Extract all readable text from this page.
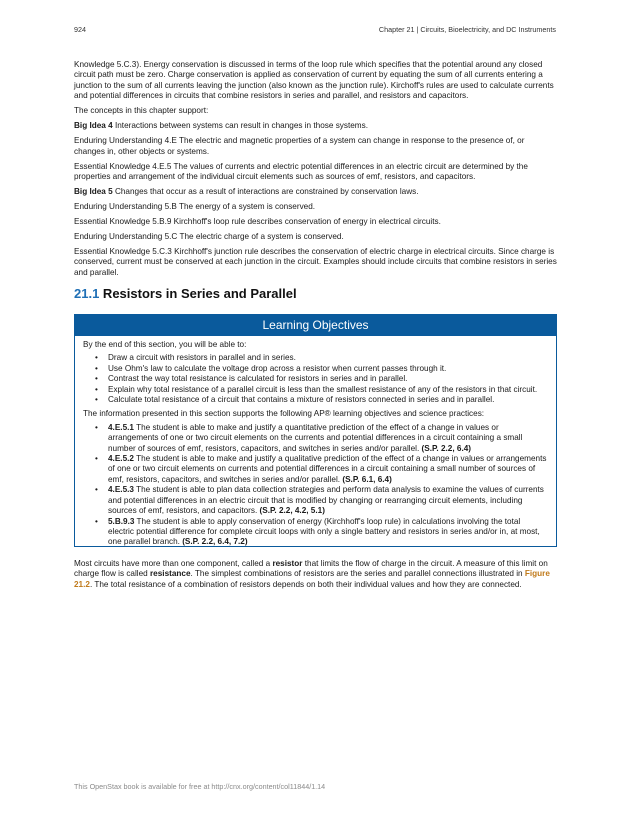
924	Chapter 21 | Circuits, Bioelectricity, and DC Instruments

Knowledge 5.C.3). Energy conservation is discussed in terms of the loop rule which specifies that the potential around any closed circuit path must be zero. Charge conservation is applied as conservation of current by equating the sum of all currents entering a junction to the sum of all currents leaving the junction (also known as the junction rule). Kirchoff's rules are used to calculate currents and potential differences in circuits that combine resistors in series and parallel, and resistors and capacitors.

The concepts in this chapter support:

Big Idea 4 Interactions between systems can result in changes in those systems.

Enduring Understanding 4.E The electric and magnetic properties of a system can change in response to the presence of, or changes in, other objects or systems.

Essential Knowledge 4.E.5 The values of currents and electric potential differences in an electric circuit are determined by the properties and arrangement of the individual circuit elements such as sources of emf, resistors, and capacitors.

Big Idea 5 Changes that occur as a result of interactions are constrained by conservation laws.

Enduring Understanding 5.B The energy of a system is conserved.

Essential Knowledge 5.B.9 Kirchhoff's loop rule describes conservation of energy in electrical circuits.

Enduring Understanding 5.C The electric charge of a system is conserved.

Essential Knowledge 5.C.3 Kirchhoff's junction rule describes the conservation of electric charge in electrical circuits. Since charge is conserved, current must be conserved at each junction in the circuit. Examples should include circuits that combine resistors in series and parallel.

21.1 Resistors in Series and Parallel
Learning Objectives
By the end of this section, you will be able to:
• Draw a circuit with resistors in parallel and in series.
• Use Ohm's law to calculate the voltage drop across a resistor when current passes through it.
• Contrast the way total resistance is calculated for resistors in series and in parallel.
• Explain why total resistance of a parallel circuit is less than the smallest resistance of any of the resistors in that circuit.
• Calculate total resistance of a circuit that contains a mixture of resistors connected in series and in parallel.
The information presented in this section supports the following AP® learning objectives and science practices:
• 4.E.5.1 The student is able to make and justify a quantitative prediction of the effect of a change in values or arrangements of one or two circuit elements on the currents and potential differences in a circuit containing a small number of sources of emf, resistors, capacitors, and switches in series and/or parallel. (S.P. 2.2, 6.4)
• 4.E.5.2 The student is able to make and justify a qualitative prediction of the effect of a change in values or arrangements of one or two circuit elements on currents and potential differences in a circuit containing a small number of sources of emf, resistors, capacitors, and switches in series and/or parallel. (S.P. 6.1, 6.4)
• 4.E.5.3 The student is able to plan data collection strategies and perform data analysis to examine the values of currents and potential differences in an electric circuit that is modified by changing or rearranging circuit elements, including sources of emf, resistors, and capacitors. (S.P. 2.2, 4.2, 5.1)
• 5.B.9.3 The student is able to apply conservation of energy (Kirchhoff's loop rule) in calculations involving the total electric potential difference for complete circuit loops with only a single battery and resistors in series and/or in, at most, one parallel branch. (S.P. 2.2, 6.4, 7.2)
Most circuits have more than one component, called a resistor that limits the flow of charge in the circuit. A measure of this limit on charge flow is called resistance. The simplest combinations of resistors are the series and parallel connections illustrated in Figure 21.2. The total resistance of a combination of resistors depends on both their individual values and how they are connected.
This OpenStax book is available for free at http://cnx.org/content/col11844/1.14
